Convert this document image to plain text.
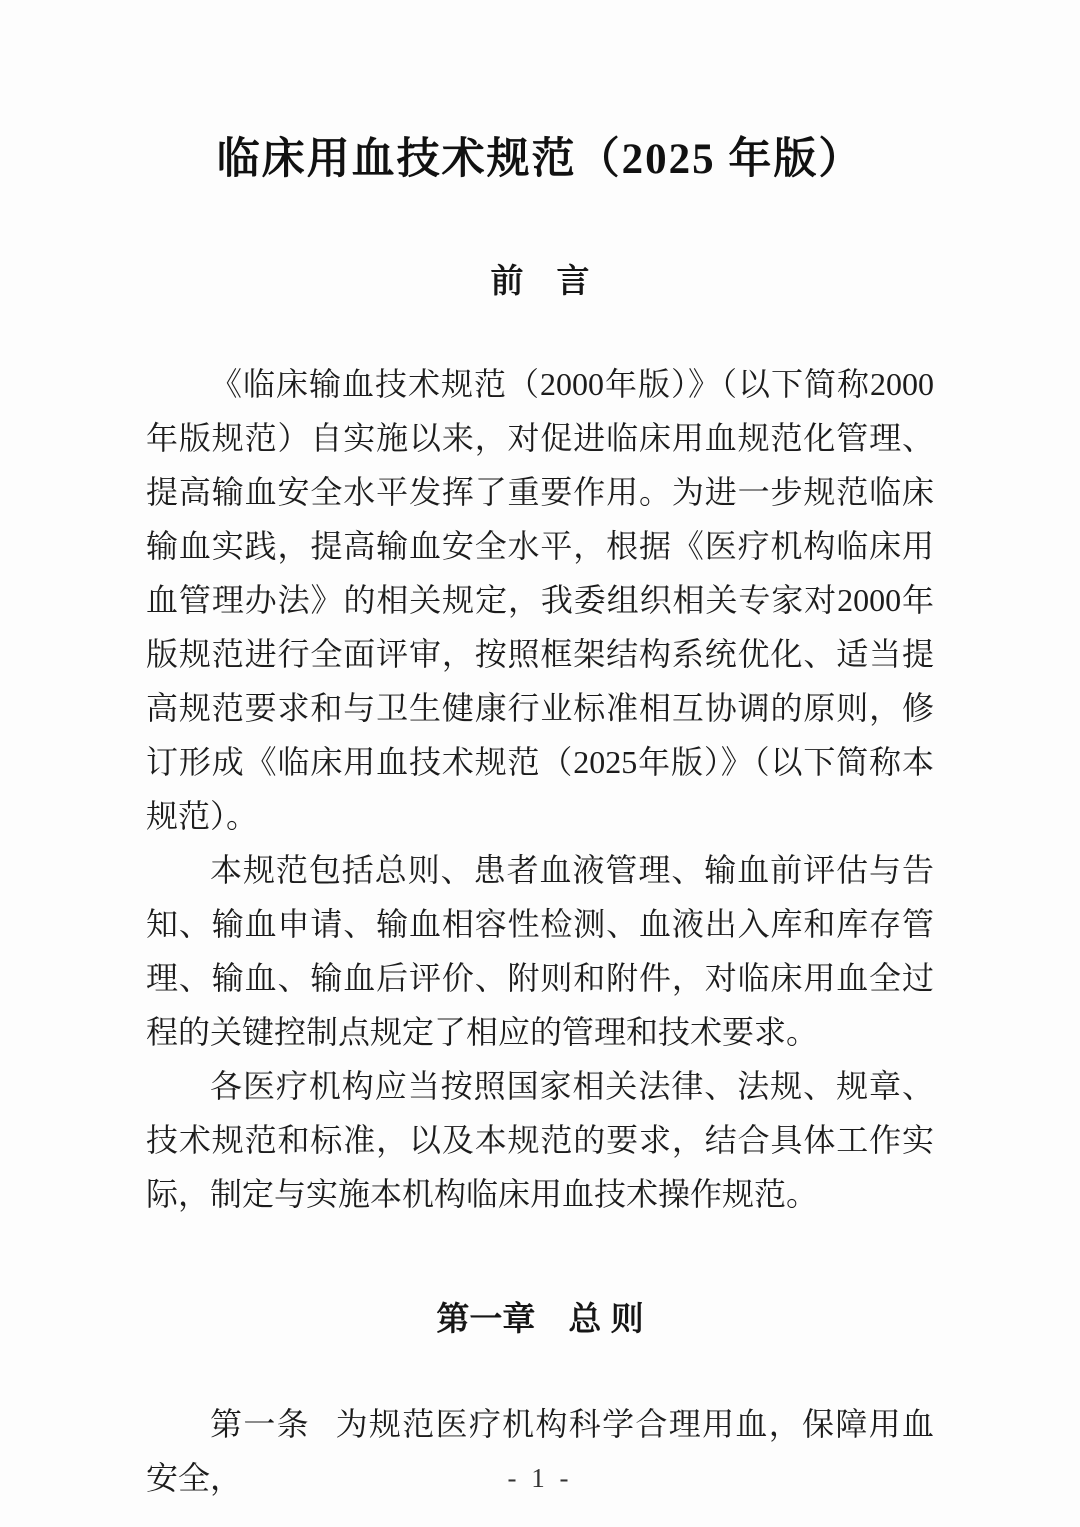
临床用血技术规范（2025 年版）
前　言

《临床输血技术规范（2000年版）》（以下简称2000年版规范）自实施以来，对促进临床用血规范化管理、提高输血安全水平发挥了重要作用。为进一步规范临床输血实践，提高输血安全水平，根据《医疗机构临床用血管理办法》的相关规定，我委组织相关专家对2000年版规范进行全面评审，按照框架结构系统优化、适当提高规范要求和与卫生健康行业标准相互协调的原则，修订形成《临床用血技术规范（2025年版）》（以下简称本规范）。

本规范包括总则、患者血液管理、输血前评估与告知、输血申请、输血相容性检测、血液出入库和库存管理、输血、输血后评价、附则和附件，对临床用血全过程的关键控制点规定了相应的管理和技术要求。

各医疗机构应当按照国家相关法律、法规、规章、技术规范和标准，以及本规范的要求，结合具体工作实际，制定与实施本机构临床用血技术操作规范。

第一章　总 则

第一条 为规范医疗机构科学合理用血，保障用血安全，	- 1 -
